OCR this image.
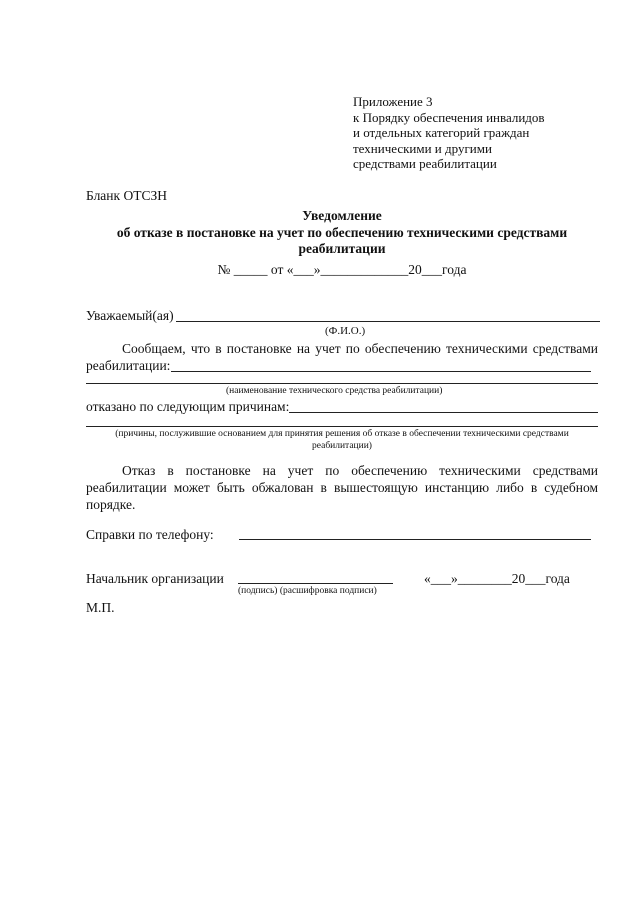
Приложение 3
к Порядку обеспечения инвалидов
и отдельных категорий граждан
техническими и другими
средствами реабилитации
Бланк ОТСЗН
Уведомление
об отказе в постановке на учет по обеспечению техническими средствами
реабилитации
№ _____ от «___»_____________20___года
Уважаемый(ая)
(Ф.И.О.)
Сообщаем, что в постановке на учет по обеспечению техническими средствами
реабилитации:
(наименование технического средства реабилитации)
отказано по следующим причинам:
(причины, послужившие основанием для принятия решения об отказе в обеспечении техническими средствами
реабилитации)
Отказ в постановке на учет по обеспечению техническими средствами
реабилитации может быть обжалован в вышестоящую инстанцию либо в судебном
порядке.
Справки по телефону:
Начальник организации
(подпись) (расшифровка подписи)
«___»________20___года
М.П.
